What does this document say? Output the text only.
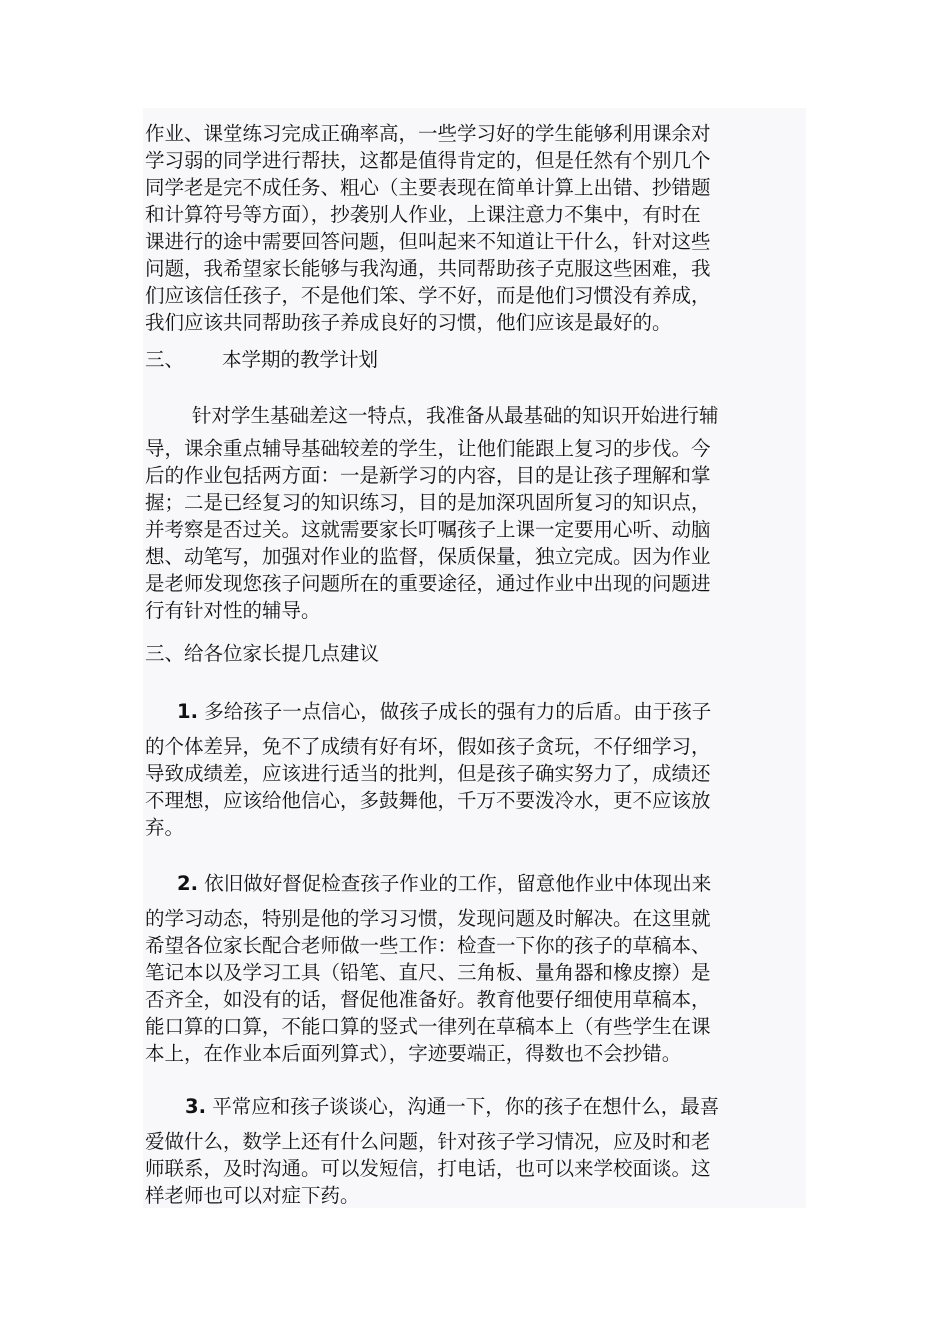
作业、课堂练习完成正确率高，一些学习好的学生能够利用课余对
学习弱的同学进行帮扶，这都是值得肯定的，但是任然有个别几个
同学老是完不成任务、粗心（主要表现在简单计算上出错、抄错题
和计算符号等方面），抄袭别人作业，上课注意力不集中，有时在
课进行的途中需要回答问题，但叫起来不知道让干什么，针对这些
问题，我希望家长能够与我沟通，共同帮助孩子克服这些困难，我
们应该信任孩子，不是他们笨、学不好，而是他们习惯没有养成，
我们应该共同帮助孩子养成良好的习惯，他们应该是最好的。
三、 本学期的教学计划
针对学生基础差这一特点，我准备从最基础的知识开始进行辅
导，课余重点辅导基础较差的学生，让他们能跟上复习的步伐。今
后的作业包括两方面：一是新学习的内容，目的是让孩子理解和掌
握；二是已经复习的知识练习，目的是加深巩固所复习的知识点，
并考察是否过关。这就需要家长叮嘱孩子上课一定要用心听、动脑
想、动笔写，加强对作业的监督，保质保量，独立完成。因为作业
是老师发现您孩子问题所在的重要途径，通过作业中出现的问题进
行有针对性的辅导。
三、给各位家长提几点建议
1. 多给孩子一点信心，做孩子成长的强有力的后盾。由于孩子
的个体差异，免不了成绩有好有坏，假如孩子贪玩，不仔细学习，
导致成绩差，应该进行适当的批判，但是孩子确实努力了，成绩还
不理想，应该给他信心，多鼓舞他，千万不要泼冷水，更不应该放
弃。
2. 依旧做好督促检查孩子作业的工作，留意他作业中体现出来
的学习动态，特别是他的学习习惯，发现问题及时解决。在这里就
希望各位家长配合老师做一些工作：检查一下你的孩子的草稿本、
笔记本以及学习工具（铅笔、直尺、三角板、量角器和橡皮擦）是
否齐全，如没有的话，督促他准备好。教育他要仔细使用草稿本，
能口算的口算，不能口算的竖式一律列在草稿本上（有些学生在课
本上，在作业本后面列算式），字迹要端正，得数也不会抄错。
3. 平常应和孩子谈谈心，沟通一下，你的孩子在想什么，最喜
爱做什么，数学上还有什么问题，针对孩子学习情况，应及时和老
师联系，及时沟通。可以发短信，打电话，也可以来学校面谈。这
样老师也可以对症下药。
